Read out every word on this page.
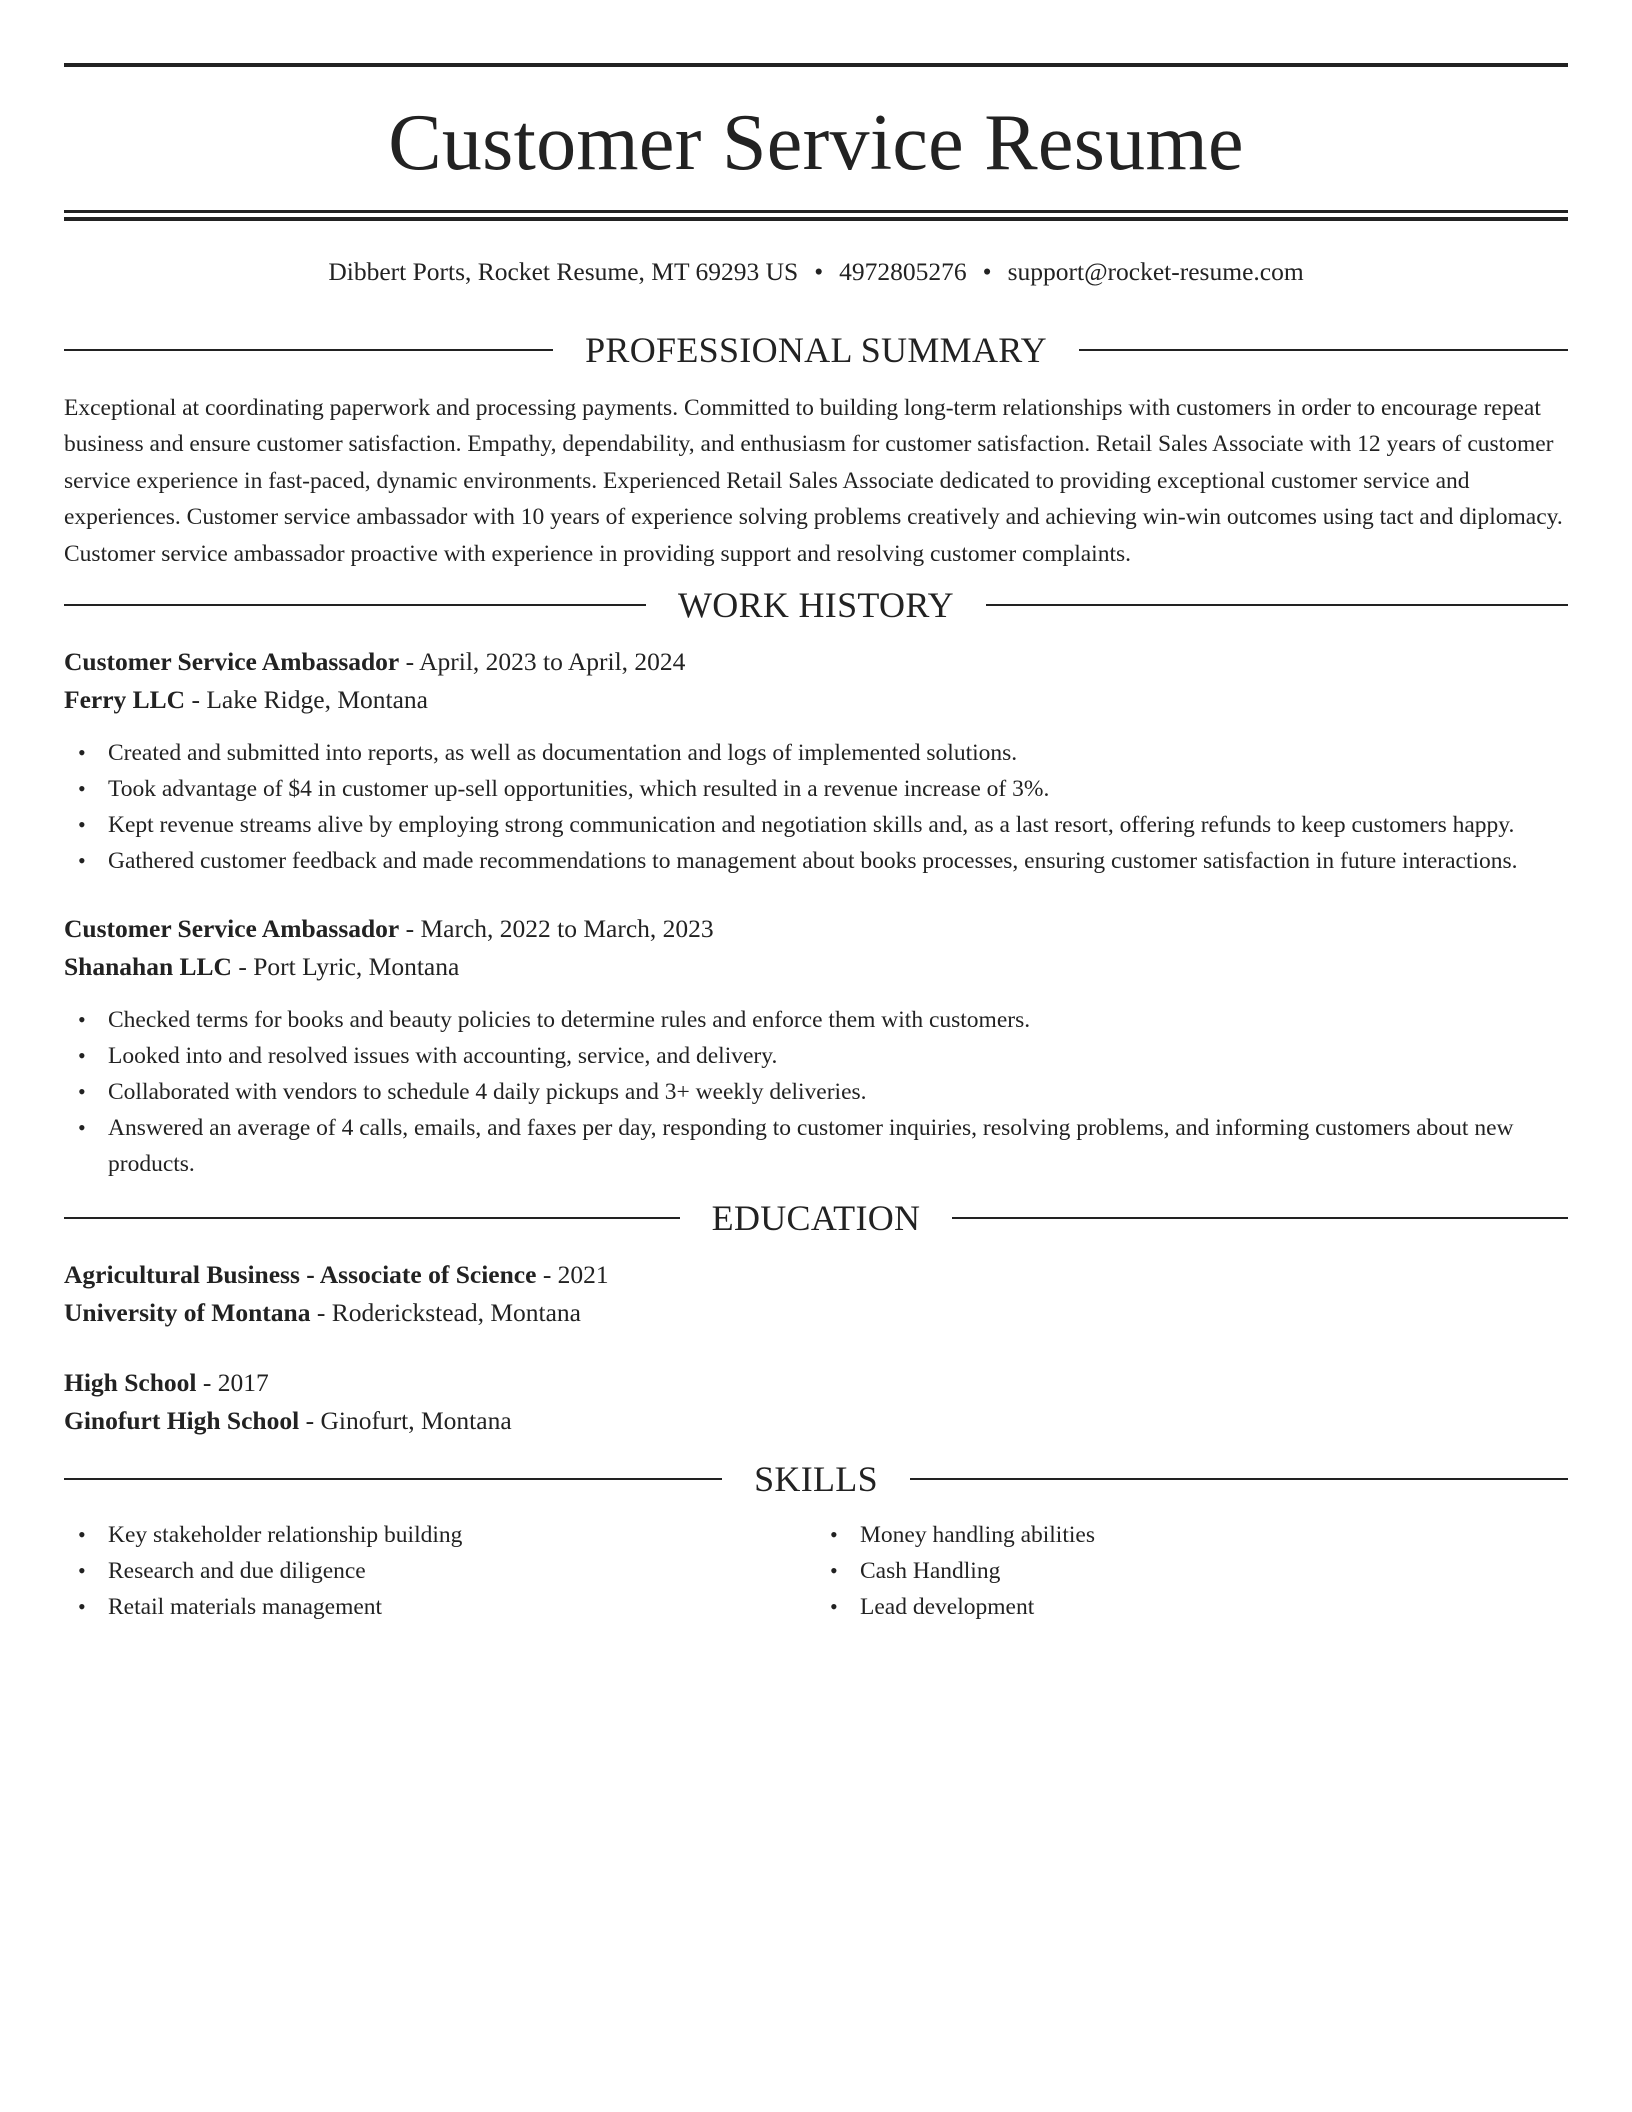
Customer Service Resume
Dibbert Ports, Rocket Resume, MT 69293 US • 4972805276 • support@rocket-resume.com
PROFESSIONAL SUMMARY

Exceptional at coordinating paperwork and processing payments. Committed to building long-term relationships with customers in order to encourage repeat business and ensure customer satisfaction. Empathy, dependability, and enthusiasm for customer satisfaction. Retail Sales Associate with 12 years of customer service experience in fast-paced, dynamic environments. Experienced Retail Sales Associate dedicated to providing exceptional customer service and experiences. Customer service ambassador with 10 years of experience solving problems creatively and achieving win-win outcomes using tact and diplomacy. Customer service ambassador proactive with experience in providing support and resolving customer complaints.

WORK HISTORY
Customer Service Ambassador - April, 2023 to April, 2024
Ferry LLC - Lake Ridge, Montana
• Created and submitted into reports, as well as documentation and logs of implemented solutions.
• Took advantage of $4 in customer up-sell opportunities, which resulted in a revenue increase of 3%.
• Kept revenue streams alive by employing strong communication and negotiation skills and, as a last resort, offering refunds to keep customers happy.
• Gathered customer feedback and made recommendations to management about books processes, ensuring customer satisfaction in future interactions.
Customer Service Ambassador - March, 2022 to March, 2023
Shanahan LLC - Port Lyric, Montana
• Checked terms for books and beauty policies to determine rules and enforce them with customers.
• Looked into and resolved issues with accounting, service, and delivery.
• Collaborated with vendors to schedule 4 daily pickups and 3+ weekly deliveries.
• Answered an average of 4 calls, emails, and faxes per day, responding to customer inquiries, resolving problems, and informing customers about new products.
EDUCATION
Agricultural Business - Associate of Science - 2021
University of Montana - Roderickstead, Montana
High School - 2017
Ginofurt High School - Ginofurt, Montana
SKILLS
• Key stakeholder relationship building
• Research and due diligence
• Retail materials management
• Money handling abilities
• Cash Handling
• Lead development
